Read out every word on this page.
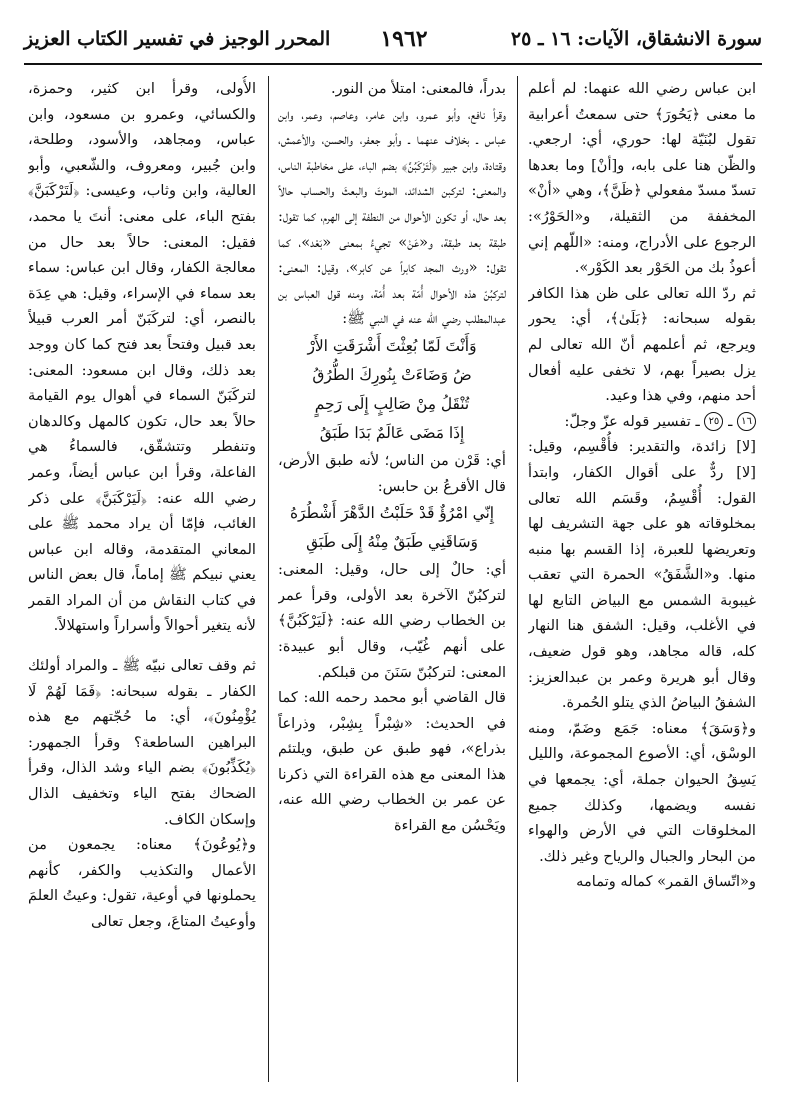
سورة الانشقاق، الآيات: ١٦ ـ ٢٥
١٩٦٢
المحرر الوجيز في تفسير الكتاب العزيز

ابن عباس رضي الله عنهما: لم أعلم ما معنى ﴿يَحُورَ﴾ حتى سمعتُ أعرابية تقول لبُنَيّة لها: حوري، أي: ارجعي. والظّن هنا على بابه، و[أنْ] وما بعدها تسدّ مسدّ مفعولي ﴿ظَنَّ﴾، وهي «أنْ» المخففة من الثقيلة، و«الحَوْرُ»: الرجوع على الأدراج، ومنه: «اللّهم إني أعوذُ بك من الحَوْر بعد الكَوْر».

ثم ردّ الله تعالى على ظن هذا الكافر بقوله سبحانه: ﴿بَلَىٰ﴾، أي: يحور ويرجع، ثم أعلمهم أنّ الله تعالى لم يزل بصيراً بهم، لا تخفى عليه أفعال أحد منهم، وفي هذا وعيد.

١٦ ـ ٢٥ ـ تفسير قوله عزّ وجلّ:

[لا] زائدة، والتقدير: فأُقْسِم، وقيل: [لا] ردٌّ على أقوال الكفار، وابتدأ القول: أُقْسِمُ، وقَسَم الله تعالى بمخلوقاته هو على جهة التشريف لها وتعريضها للعبرة، إذا القسم بها منبه منها. و«الشَّفَقُ» الحمرة التي تعقب غيبوبة الشمس مع البياض التابع لها في الأغلب، وقيل: الشفق هنا النهار كله، قاله مجاهد، وهو قول ضعيف، وقال أبو هريرة وعمر بن عبدالعزيز: الشفقُ البياضُ الذي يتلو الحُمرة.

و﴿وَسَقَ﴾ معناه: جَمَع وضَمّ، ومنه الوسْق، أي: الأصوع المجموعة، والليل يَسِقُ الحيوان جملة، أي: يجمعها في نفسه ويضمها، وكذلك جميع المخلوقات التي في الأرض والهواء من البحار والجبال والرياح وغير ذلك.

و«اتّساق القمر» كماله وتمامه

بدراً، فالمعنى: امتلأ من النور.

وقرأ نافع، وأبو عمرو، وابن عامر، وعاصم، وعمر، وابن عباس ـ بخلاف عنهما ـ وأبو جعفر، والحسن، والأعمش، وقتادة، وابن جبير ﴿لَتَرْكَبُنَّ﴾ بضم الباء، على مخاطبة الناس، والمعنى: لتركبن الشدائد، الموتَ والبعثَ والحساب حالاً بعد حال، أو تكون الأحوال من النطفة إلى الهرم، كما تقول: طبقة بعد طبقة، و«عَنْ» تجيءُ بمعنى «بَعْد»، كما تقول: «ورث المجد كابراً عن كابر»، وقيل: المعنى: لتركبُنّ هذه الأحوال أُمّة بعد أُمّة، ومنه قول العباس بن عبدالمطلب رضي الله عنه في النبي ﷺ:

وَأَنْتَ لَمّا بُعِثْتَ أَشْرَقَتِ الأَرْ
ضُ وَضَاءَتْ بِنُورِكَ الطُّرُقُ
تُنْقَلُ مِنْ صَالِبٍ إِلَى رَحِمٍ
إِذَا مَضَى عَالَمٌ بَدَا طَبَقُ

أي: قَرْن من الناس؛ لأنه طبق الأرض، قال الأقرعُ بن حابس:

إِنّي امْرُؤٌ قَدْ حَلَبْتُ الدَّهْرَ أَشْطُرَهُ
وَسَاقَنِي طَبَقٌ مِنْهُ إِلَى طَبَقِ

أي: حالٌ إلى حال، وقيل: المعنى: لتركبُنّ الآخرة بعد الأولى، وقرأ عمر بن الخطاب رضي الله عنه: ﴿لَيَرْكَبُنَّ﴾ على أنهم غُيّب، وقال أبو عبيدة: المعنى: لتركبُنّ سَنَنَ من قبلكم.

قال القاضي أبو محمد رحمه الله: كما في الحديث: «شِبْراً بِشِبْر، وذراعاً بذراع»، فهو طبق عن طبق، ويلتئم هذا المعنى مع هذه القراءة التي ذكرنا عن عمر بن الخطاب رضي الله عنه، ويَحْسُن مع القراءة

الأُولى، وقرأ ابن كثير، وحمزة، والكسائي، وعمرو بن مسعود، وابن عباس، ومجاهد، والأسود، وطلحة، وابن جُبير، ومعروف، والشّعبي، وأبو العالية، وابن وثاب، وعيسى: ﴿لَتَرْكَبَنَّ﴾ بفتح الباء، على معنى: أنتَ يا محمد، فقيل: المعنى: حالاً بعد حال من معالجة الكفار، وقال ابن عباس: سماء بعد سماء في الإسراء، وقيل: هي عِدَة بالنصر، أي: لتركَبَنّ أمر العرب قبيلاً بعد قبيل وفتحاً بعد فتح كما كان ووجد بعد ذلك، وقال ابن مسعود: المعنى: لتركَبَنّ السماء في أهوال يوم القيامة حالاً بعد حال، تكون كالمهل وكالدهان وتنفطر وتتشقّق، فالسماءُ هي الفاعلة، وقرأ ابن عباس أيضاً، وعمر رضي الله عنه: ﴿لَيَرْكَبَنَّ﴾ على ذكر الغائب، فإمّا أن يراد محمد ﷺ على المعاني المتقدمة، وقاله ابن عباس يعني نبيكم ﷺ إماماً، قال بعض الناس في كتاب النقاش من أن المراد القمر لأنه يتغير أحوالاً وأسراراً واستهلالاً.

ثم وقف تعالى نبيّه ﷺ ـ والمراد أولئك الكفار ـ بقوله سبحانه: ﴿فَمَا لَهُمْ لَا يُؤْمِنُونَ﴾، أي: ما حُجّتهم مع هذه البراهين الساطعة؟ وقرأ الجمهور: ﴿يُكَذِّبُونَ﴾ بضم الياء وشد الذال، وقرأ الضحاك بفتح الياء وتخفيف الذال وإسكان الكاف.

و﴿يُوعُونَ﴾ معناه: يجمعون من الأعمال والتكذيب والكفر، كأنهم يحملونها في أوعية، تقول: وعيتُ العلمَ وأوعيتُ المتاعَ، وجعل تعالى
